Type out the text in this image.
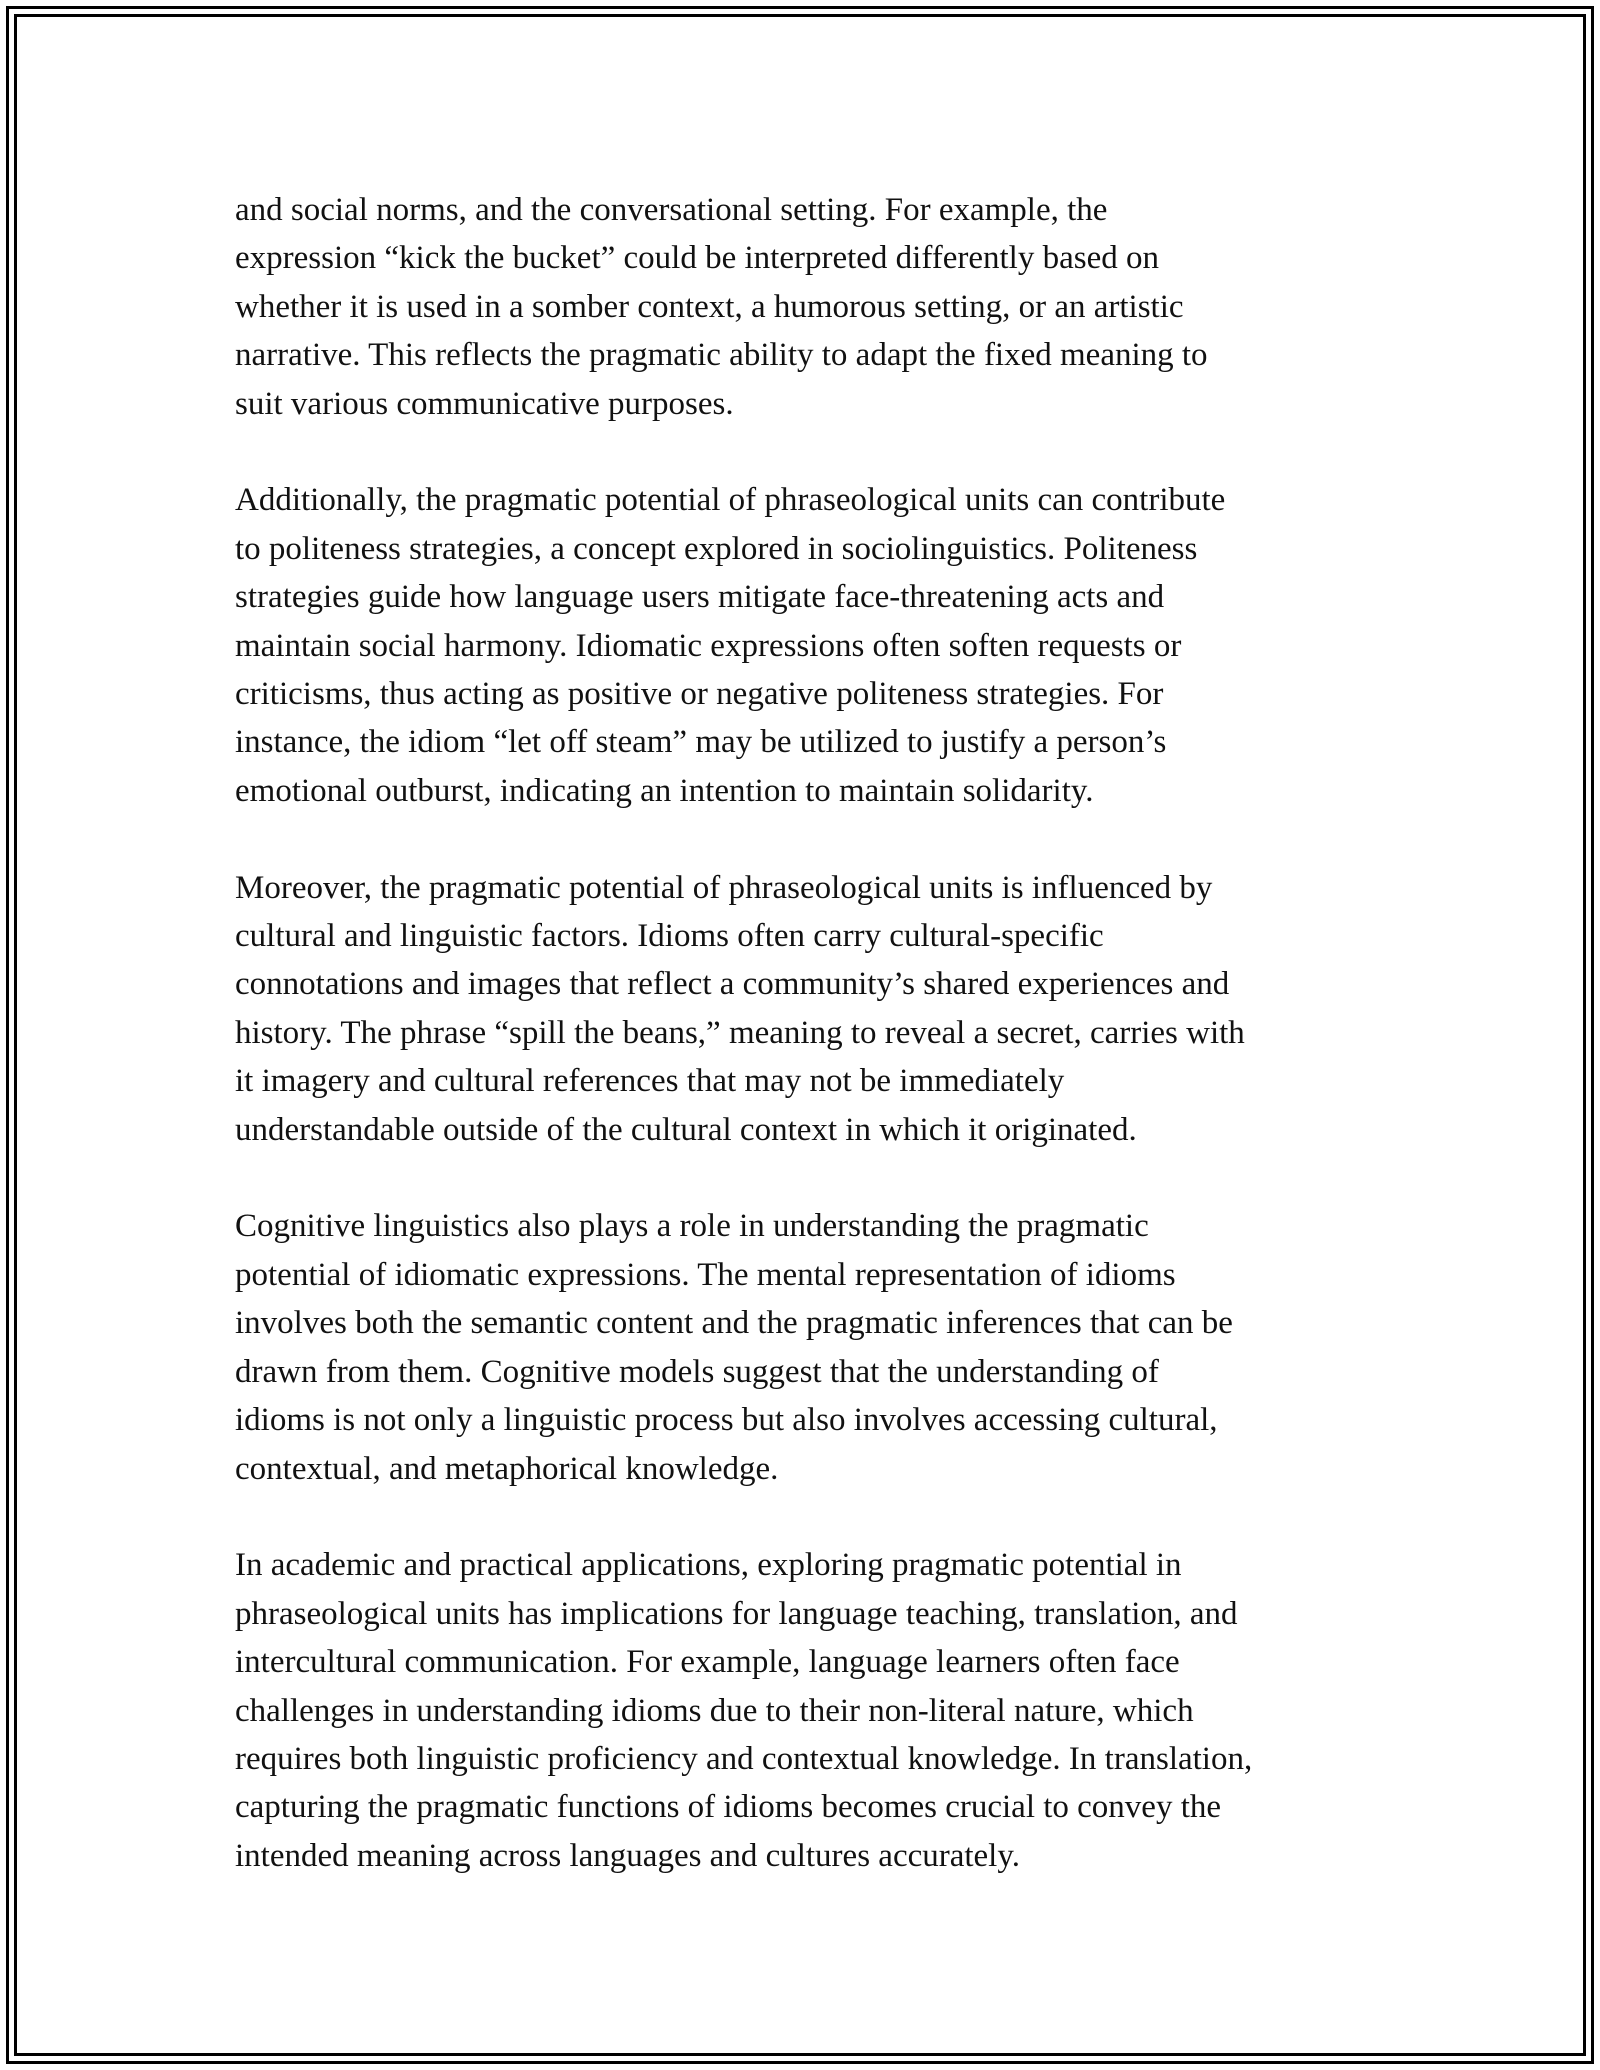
and social norms, and the conversational setting. For example, the
expression “kick the bucket” could be interpreted differently based on
whether it is used in a somber context, a humorous setting, or an artistic
narrative. This reflects the pragmatic ability to adapt the fixed meaning to
suit various communicative purposes.

Additionally, the pragmatic potential of phraseological units can contribute
to politeness strategies, a concept explored in sociolinguistics. Politeness
strategies guide how language users mitigate face-threatening acts and
maintain social harmony. Idiomatic expressions often soften requests or
criticisms, thus acting as positive or negative politeness strategies. For
instance, the idiom “let off steam” may be utilized to justify a person’s
emotional outburst, indicating an intention to maintain solidarity.

Moreover, the pragmatic potential of phraseological units is influenced by
cultural and linguistic factors. Idioms often carry cultural-specific
connotations and images that reflect a community’s shared experiences and
history. The phrase “spill the beans,” meaning to reveal a secret, carries with
it imagery and cultural references that may not be immediately
understandable outside of the cultural context in which it originated.

Cognitive linguistics also plays a role in understanding the pragmatic
potential of idiomatic expressions. The mental representation of idioms
involves both the semantic content and the pragmatic inferences that can be
drawn from them. Cognitive models suggest that the understanding of
idioms is not only a linguistic process but also involves accessing cultural,
contextual, and metaphorical knowledge.

In academic and practical applications, exploring pragmatic potential in
phraseological units has implications for language teaching, translation, and
intercultural communication. For example, language learners often face
challenges in understanding idioms due to their non-literal nature, which
requires both linguistic proficiency and contextual knowledge. In translation,
capturing the pragmatic functions of idioms becomes crucial to convey the
intended meaning across languages and cultures accurately.
